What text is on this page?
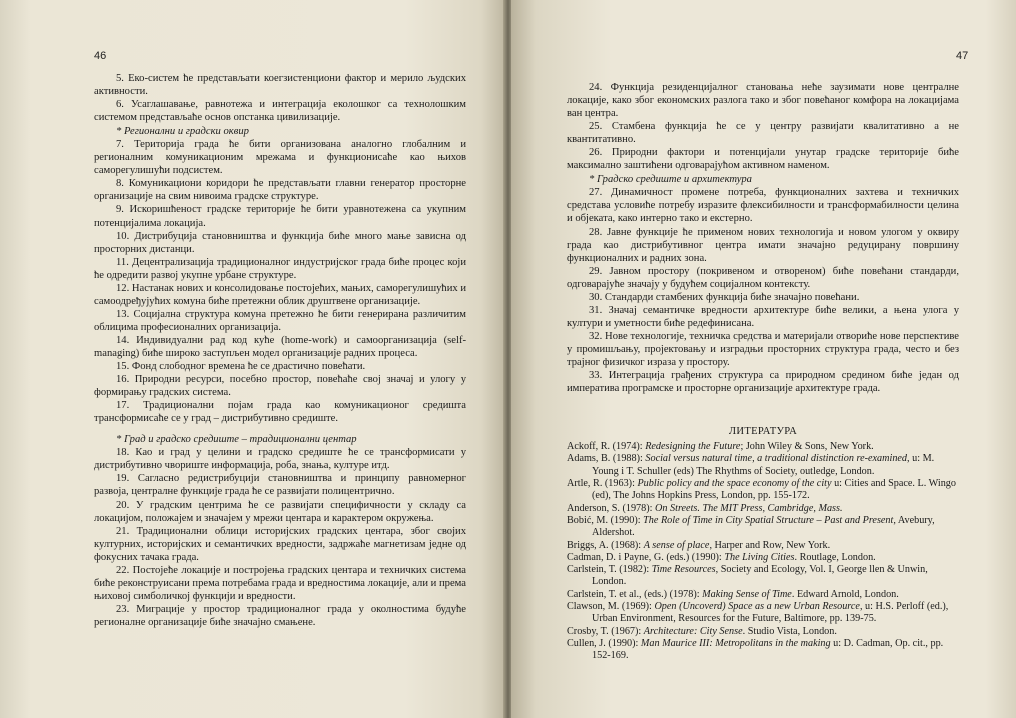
46

5. Еко-систем ће представљати коегзистенциони фактор и мерило људских активности.

6. Усаглашавање, равнотежа и интеграција еколошког са технолошким системом представљаће основ опстанка цивилизације.

* Регионални и градски оквир

7. Територија града ће бити организована аналогно глобалним и регионалним комуникационим мрежама и функционисаће као њихов саморегулишући подсистем.

8. Комуникациони коридори ће представљати главни генератор просторне организације на свим нивоима градске структуре.

9. Искоришћеност градске територије ће бити уравнотежена са укупним потенцијалима локација.

10. Дистрибуција становништва и функција биће много мање зависна од просторних дистанци.

11. Децентрализација традиционалног индустријског града биће процес који ће одредити развој укупне урбане структуре.

12. Настанак нових и консолидовање постојећих, мањих, саморегулишућих и самоодређујућих комуна биће претежни облик друштвене организације.

13. Социјална структура комуна претежно ће бити генерирана различитим облицима професионалних организација.

14. Индивидуални рад код куће (home-work) и самоорганизација (self-managing) биће широко заступљен модел организације радних процеса.

15. Фонд слободног времена ће се драстично повећати.

16. Природни ресурси, посебно простор, повећаће свој значај и улогу у формирању градских система.

17. Традиционални појам града као комуникационог средишта трансформисаће се у град – дистрибутивно средиште.

* Град и градско средиште – традиционални центар

18. Као и град у целини и градско средиште ће се трансформисати у дистрибутивно чвориште информација, роба, знања, културе итд.

19. Сагласно редистрибуцији становништва и принципу равномерног развоја, централне функције града ће се развијати полицентрично.

20. У градским центрима ће се развијати специфичности у складу са локацијом, положајем и значајем у мрежи центара и карактером окружења.

21. Традиционални облици историјских градских центара, због својих културних, историјских и семантичких вредности, задржаће магнетизам једне од фокусних тачака града.

22. Постојеће локације и постројења градских центара и техничких система биће реконструисани према потребама града и вредностима локације, али и према њиховој симболичкој функцији и вредности.

23. Миграције у простор традиционалног града у околностима будуће регионалне организације биће значајно смањене.

47

24. Функција резиденцијалног становања неће заузимати нове централне локације, како због економских разлога тако и због повећаног комфора на локацијама ван центра.

25. Стамбена функција ће се у центру развијати квалитативно а не квантитативно.

26. Природни фактори и потенцијали унутар градске територије биће максимално заштићени одговарајућом активном наменом.

* Градско средиште и архитектура

27. Динамичност промене потреба, функционалних захтева и техничких средстава условиће потребу изразите флексибилности и трансформабилности целина и објеката, како интерно тако и екстерно.

28. Јавне функције ће применом нових технологија и новом улогом у оквиру града као дистрибутивног центра имати значајно редуцирану површину функционалних и радних зона.

29. Јавном простору (покривеном и отвореном) биће повећани стандарди, одговарајуће значају у будућем социјалном контексту.

30. Стандарди стамбених функција биће значајно повећани.

31. Значај семантичке вредности архитектуре биће велики, а њена улога у култури и уметности биће редефинисана.

32. Нове технологије, техничка средства и материјали отвориће нове перспективе у промишљању, пројектовању и изградњи просторних структура града, често и без трајног физичког израза у простору.

33. Интеграција грађених структура са природном средином биће један од императива програмске и просторне организације архитектуре града.

ЛИТЕРАТУРА

Ackoff, R. (1974): Redesigning the Future; John Wiley & Sons, New York.

Adams, B. (1988): Social versus natural time, a traditional distinction re-examined, u: M. Young i T. Schuller (eds) The Rhythms of Society, outledge, London.

Artle, R. (1963): Public policy and the space economy of the city u: Cities and Space. L. Wingo (ed), The Johns Hopkins Press, London, pp. 155-172.

Anderson, S. (1978): On Streets. The MIT Press, Cambridge, Mass.

Bobić, M. (1990): The Role of Time in City Spatial Structure – Past and Present, Avebury, Aldershot.

Briggs, A. (1968): A sense of place, Harper and Row, New York.

Cadman, D. i Payne, G. (eds.) (1990): The Living Cities. Routlage, London.

Carlstein, T. (1982): Time Resources, Society and Ecology, Vol. I, George llen & Unwin, London.

Carlstein, T. et al., (eds.) (1978): Making Sense of Time. Edward Arnold, London.

Clawson, M. (1969): Open (Uncoverd) Space as a new Urban Resource, u: H.S. Perloff (ed.), Urban Environment, Resources for the Future, Baltimore, pp. 139-75.

Crosby, T. (1967): Architecture: City Sense. Studio Vista, London.

Cullen, J. (1990): Man Maurice III: Metropolitans in the making u: D. Cadman, Op. cit., pp. 152-169.
